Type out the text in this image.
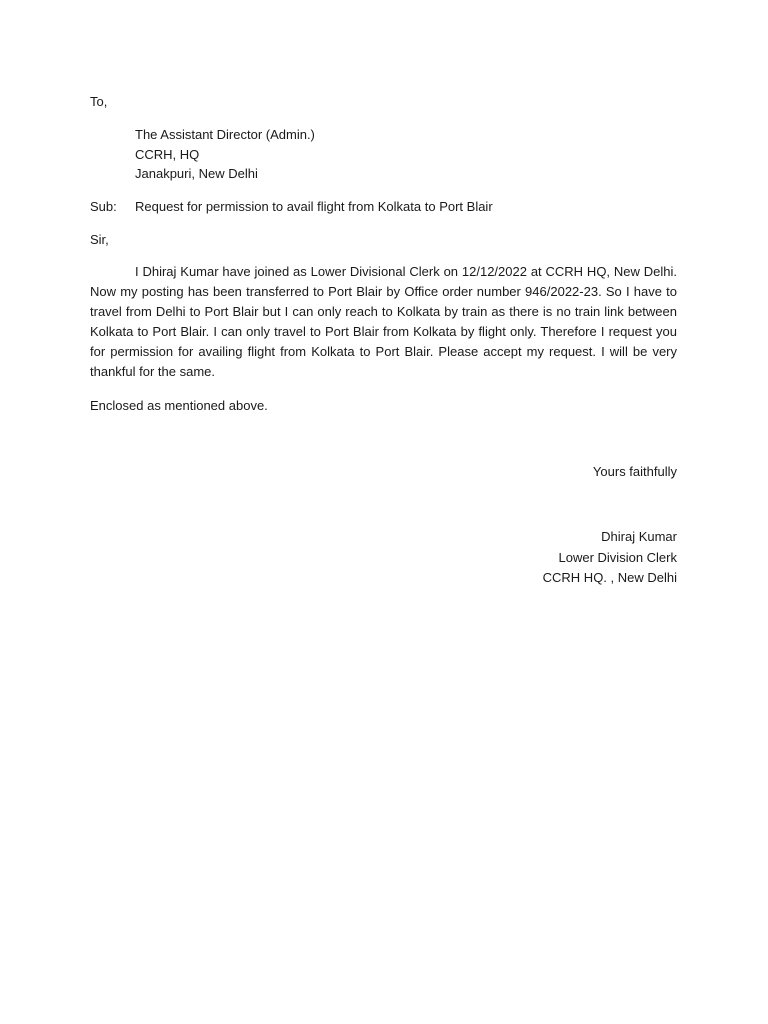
To,
The Assistant Director (Admin.)
CCRH, HQ
Janakpuri, New Delhi
Sub: Request for permission to avail flight from Kolkata to Port Blair
Sir,

I Dhiraj Kumar have joined as Lower Divisional Clerk on 12/12/2022 at CCRH HQ, New Delhi. Now my posting has been transferred to Port Blair by Office order number 946/2022-23. So I have to travel from Delhi to Port Blair but I can only reach to Kolkata by train as there is no train link between Kolkata to Port Blair. I can only travel to Port Blair from Kolkata by flight only. Therefore I request you for permission for availing flight from Kolkata to Port Blair. Please accept my request. I will be very thankful for the same.

Enclosed as mentioned above.
Yours faithfully
Dhiraj Kumar
Lower Division Clerk
CCRH HQ. , New Delhi
